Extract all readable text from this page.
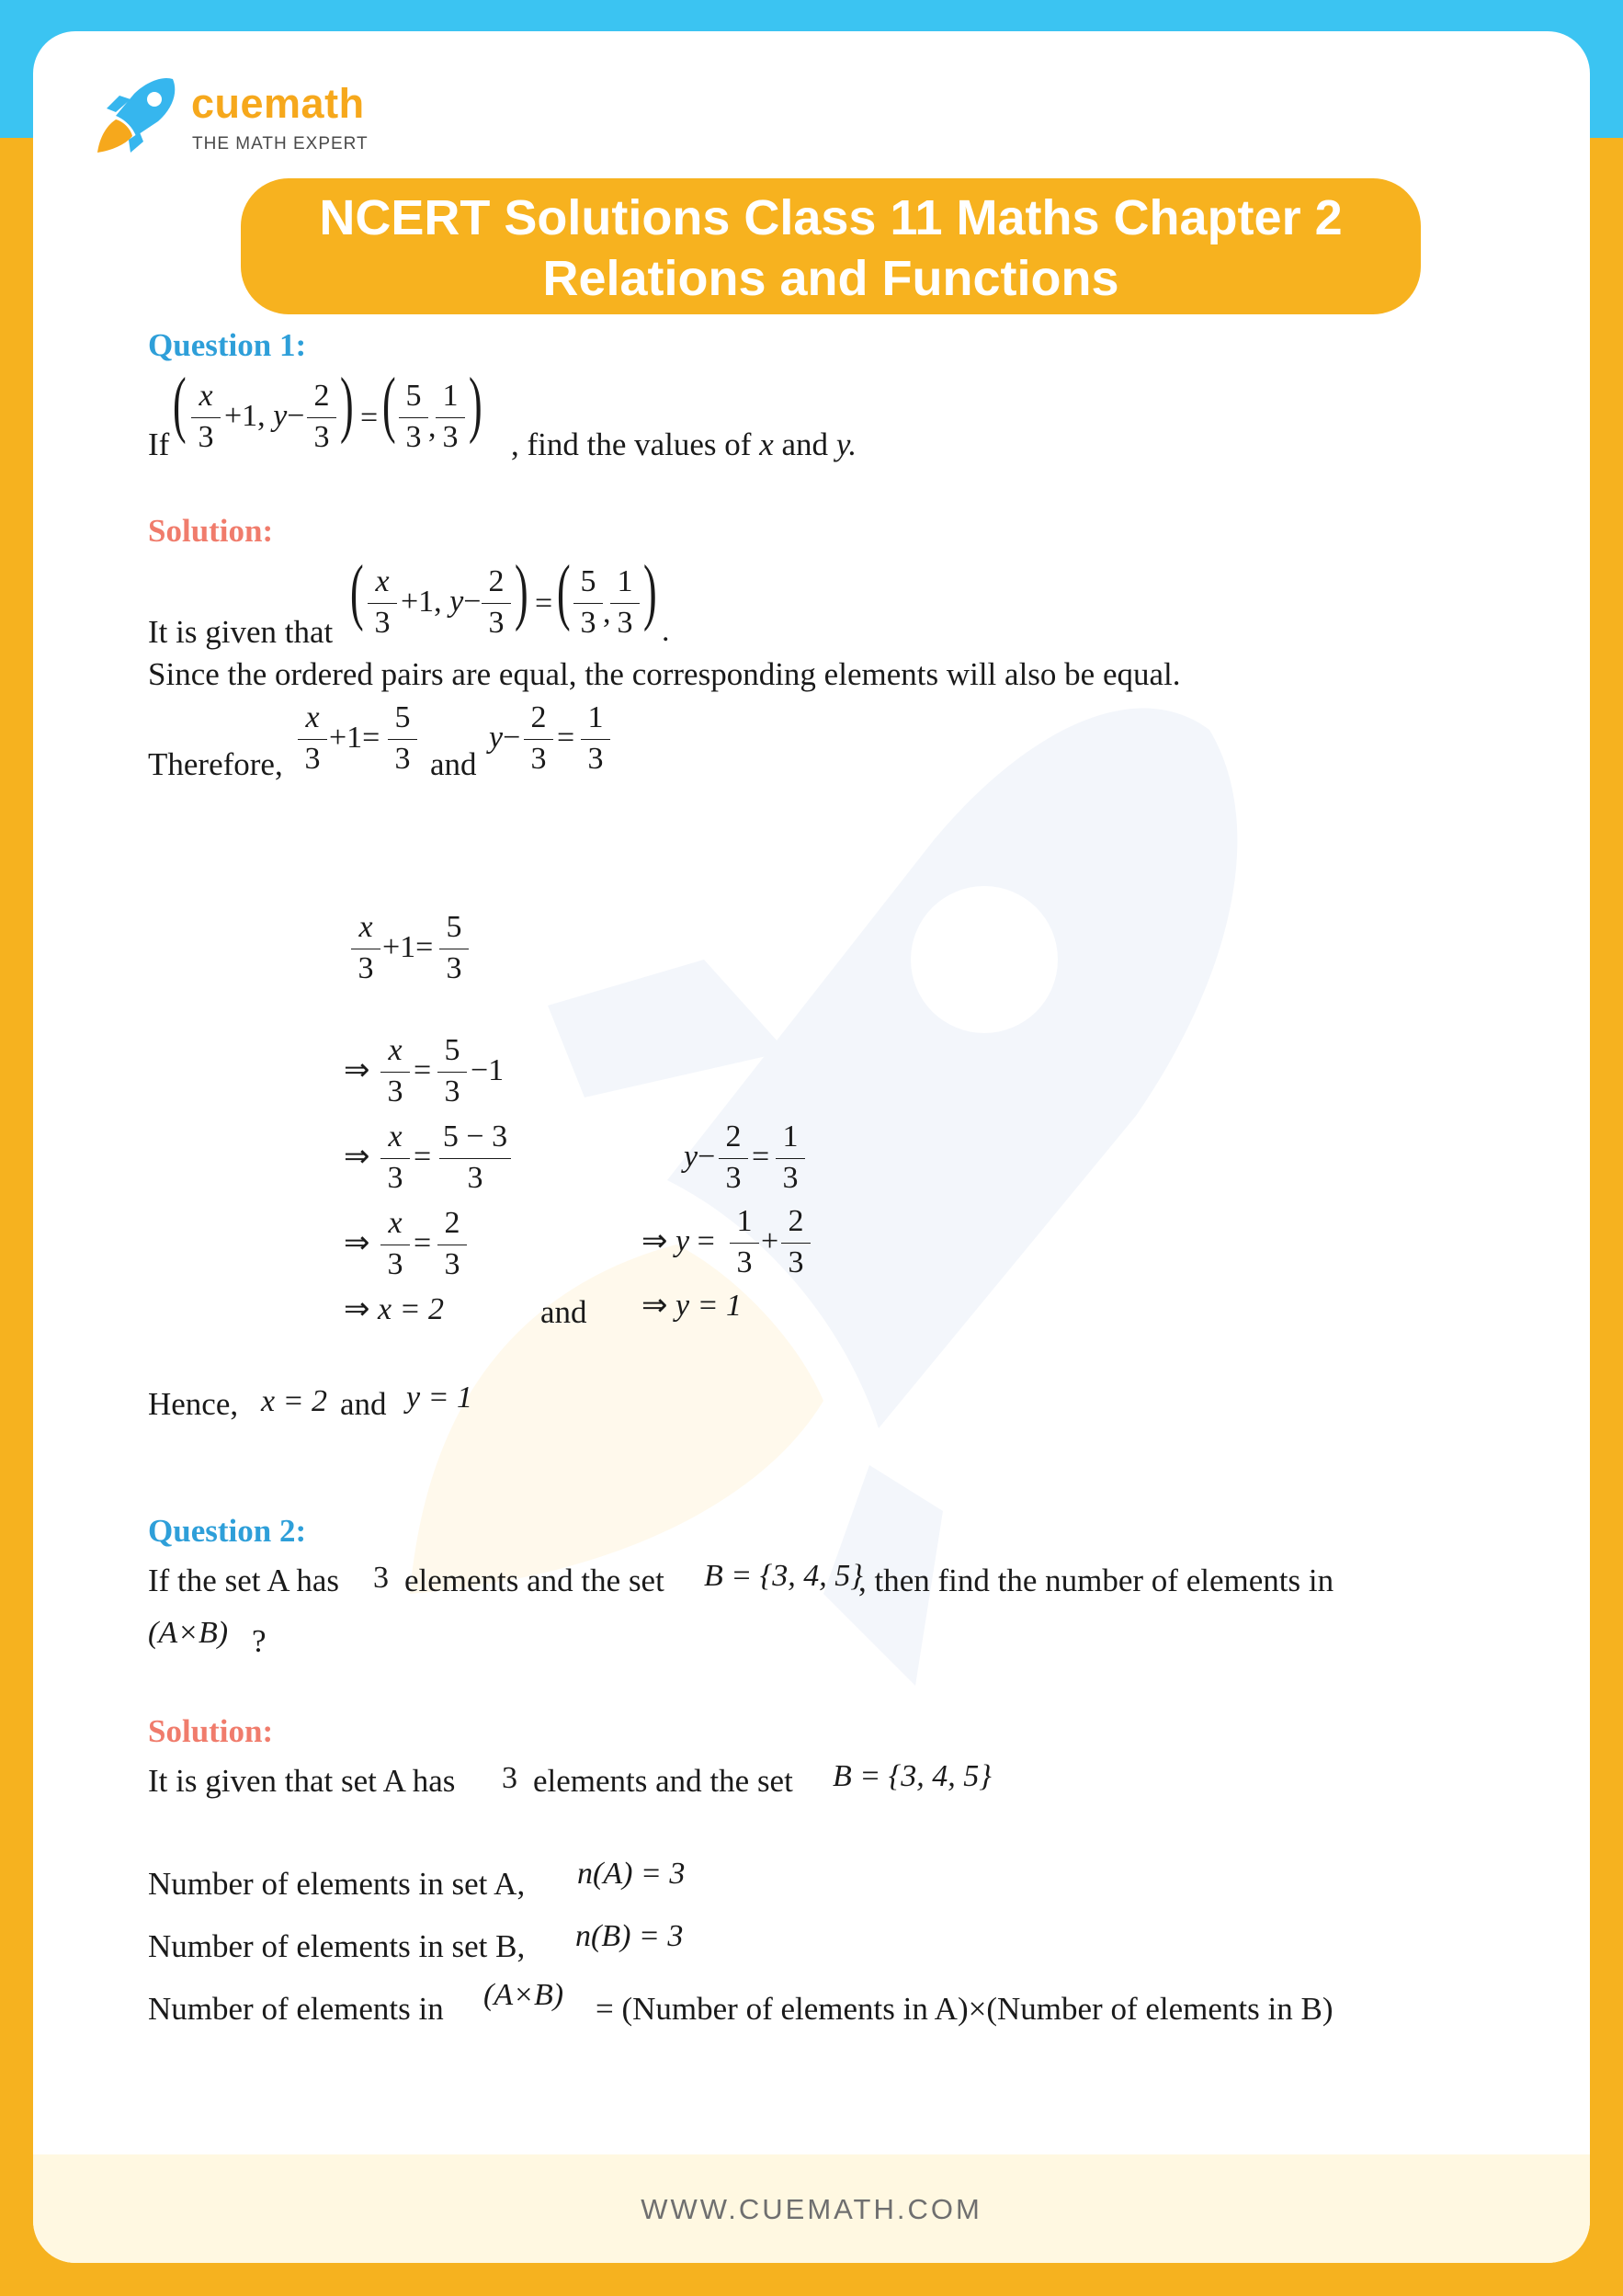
cuemath
THE MATH EXPERT
NCERT Solutions Class 11 Maths Chapter 2
Relations and Functions
Question 1:
If ( x
3
+1, y−
2
3 ) = ( 5
3 ,
1
3 ) , find the values of x and y.
Solution:
It is given that ( x
3
+1, y−
2
3 ) = ( 5
3 ,
1
3 ) .
Since the ordered pairs are equal, the corresponding elements will also be equal.
Therefore,
x
3
+1=
5
3 and
y−
2
3
=
1
3
x
3
+1=
5
3
⇒
x
3
=
5
3
−1
⇒
x
3
=
5 − 3
3
⇒
x
3
=
2
3
⇒ x = 2	and
y−
2
3
=
1
3
⇒ y =
1
3
+
2
3
⇒ y = 1
Hence, x = 2 and y = 1
Question 2:
If the set A has 3 elements and the set B = {3, 4, 5}
, then find the number of elements in
(A×B) ?
Solution:
It is given that set A has 3 elements and the set B = {3, 4, 5}
Number of elements in set A, n(A) = 3
Number of elements in set B, n(B) = 3
Number of elements in (A×B) = (Number of elements in A)×(Number of elements in B)
WWW.CUEMATH.COM
